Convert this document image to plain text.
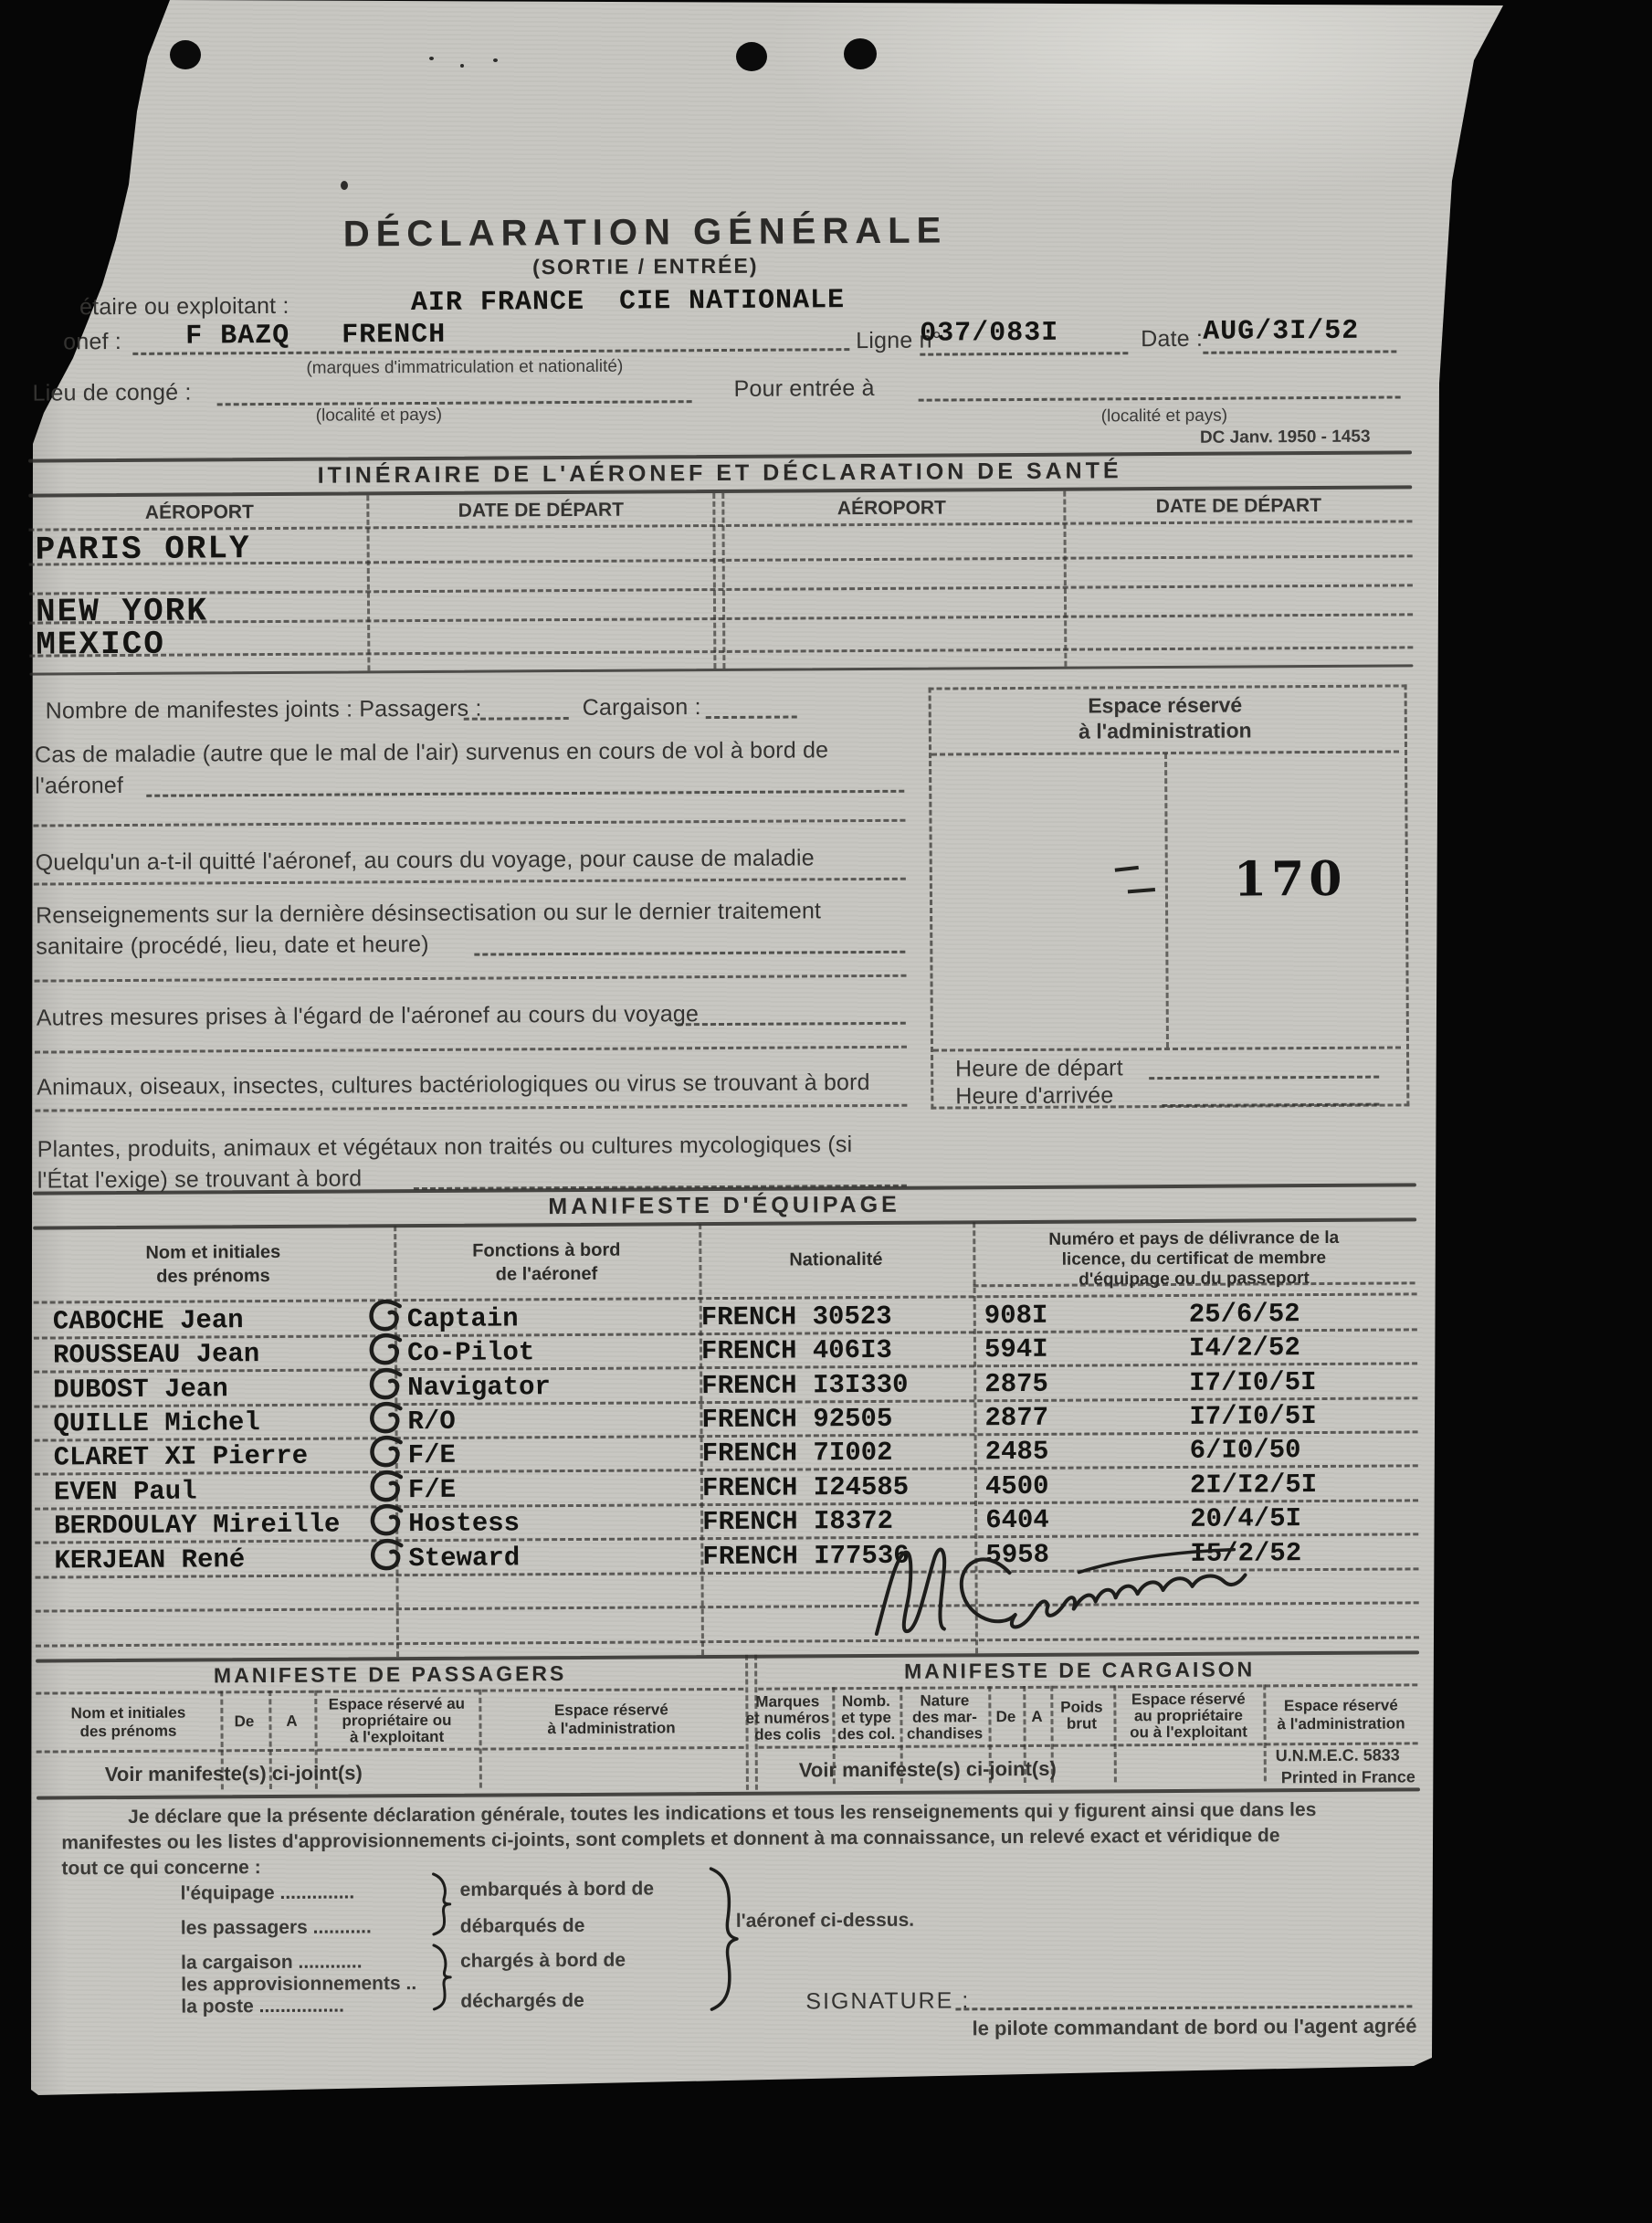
DÉCLARATION GÉNÉRALE
(SORTIE / ENTRÉE)
étaire ou exploitant :	AIR FRANCE  CIE NATIONALE
onef : F BAZQ   FRENCH	Ligne n°
037/083I	Date : AUG/3I/52
(marques d'immatriculation et nationalité)
Lieu de congé :	Pour entrée à
(localité et pays)	(localité et pays)
DC Janv. 1950 - 1453
ITINÉRAIRE DE L'AÉRONEF ET DÉCLARATION DE SANTÉ
AÉROPORT	DATE DE DÉPART	AÉROPORT	DATE DE DÉPART
PARIS ORLY
NEW YORK
MEXICO
Nombre de manifestes joints : Passagers :	Cargaison :
Cas de maladie (autre que le mal de l'air) survenus en cours de vol à bord de
l'aéronef
Quelqu'un a-t-il quitté l'aéronef, au cours du voyage, pour cause de maladie
Renseignements sur la dernière désinsectisation ou sur le dernier traitement
sanitaire (procédé, lieu, date et heure)
Autres mesures prises à l'égard de l'aéronef au cours du voyage
Animaux, oiseaux, insectes, cultures bactériologiques ou virus se trouvant à bord
Plantes, produits, animaux et végétaux non traités ou cultures mycologiques (si
l'État l'exige) se trouvant à bord
Espace réservé
à l'administration
170
Heure de départ
Heure d'arrivée
MANIFESTE D'ÉQUIPAGE
Nom et initiales
des prénoms
Fonctions à bord
de l'aéronef
Nationalité
Numéro et pays de délivrance de la
licence, du certificat de membre
d'équipage ou du passeport
CABOCHE Jean	Captain	FRENCH 30523	908I	25/6/52
ROUSSEAU Jean	Co-Pilot	FRENCH 406I3	594I	I4/2/52
DUBOST Jean	Navigator	FRENCH I3I330	2875	I7/I0/5I
QUILLE Michel	R/O	FRENCH 92505	2877	I7/I0/5I
CLARET XI Pierre	F/E	FRENCH 7I002	2485	6/I0/50
EVEN Paul	F/E	FRENCH I24585	4500	2I/I2/5I
BERDOULAY Mireille	Hostess	FRENCH I8372	6404	20/4/5I
KERJEAN René	Steward	FRENCH I77536	5958	I5/2/52
MANIFESTE DE PASSAGERS
Nom et initiales
des prénoms
De A
Espace réservé au
propriétaire ou
à l'exploitant
Espace réservé
à l'administration
Voir manifeste(s) ci-joint(s)
MANIFESTE DE CARGAISON
Marques
et numéros
des colis
Nomb.
et type
des col.
Nature
des mar-
chandises
De A
Poids
brut
Espace réservé
au propriétaire
ou à l'exploitant
Espace réservé
à l'administration
U.N.M.E.C. 5833
Printed in France
Voir manifeste(s) ci-joint(s)
Je déclare que la présente déclaration générale, toutes les indications et tous les renseignements qui y figurent ainsi que dans les
manifestes ou les listes d'approvisionnements ci-joints, sont complets et donnent à ma connaissance, un relevé exact et véridique de
tout ce qui concerne :
l'équipage ..............
les passagers ...........
la cargaison ............
les approvisionnements ..
la poste ................
embarqués à bord de
débarqués de
chargés à bord de
déchargés de
l'aéronef ci-dessus.
SIGNATURE :
le pilote commandant de bord ou l'agent agréé
